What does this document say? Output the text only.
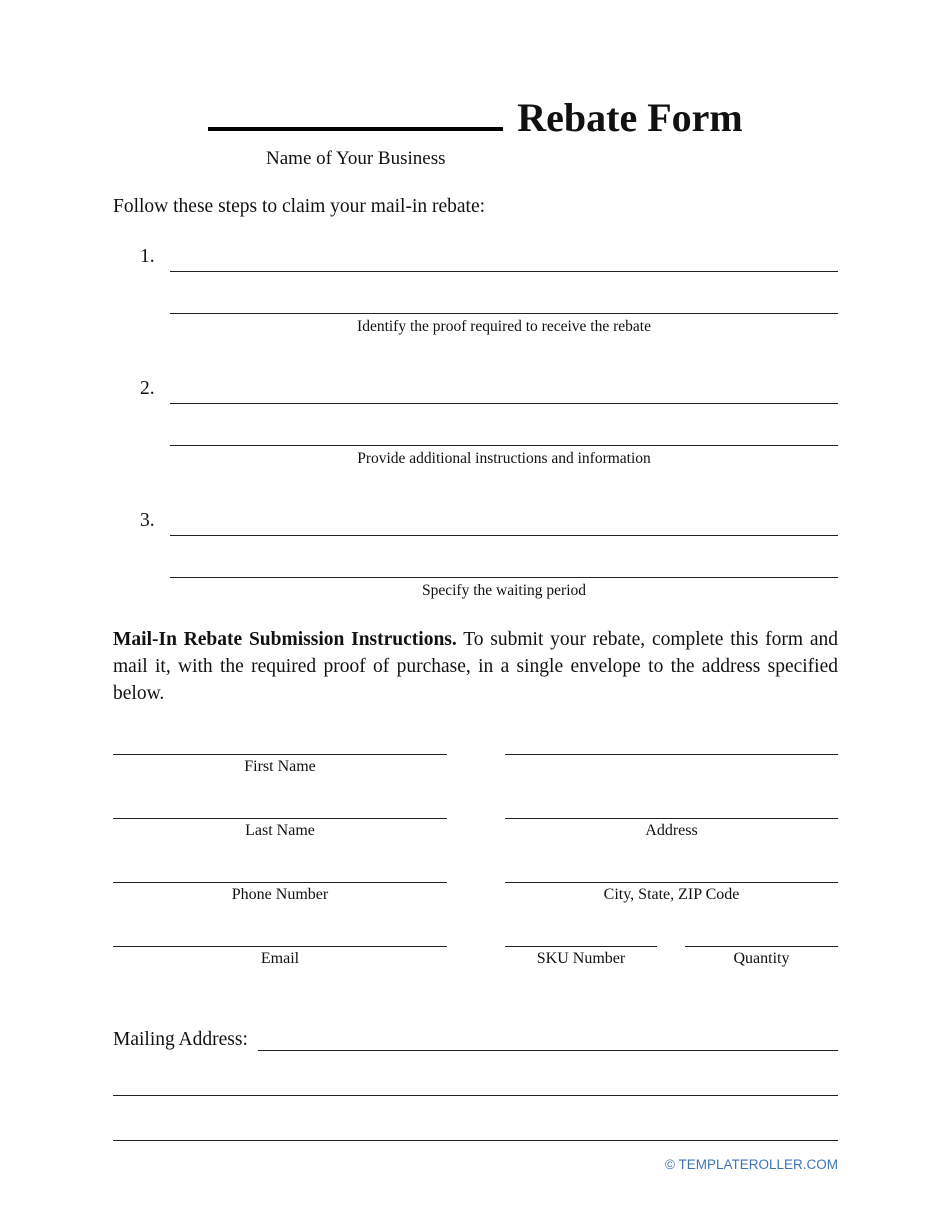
Rebate Form
Name of Your Business
Follow these steps to claim your mail-in rebate:
1.
Identify the proof required to receive the rebate
2.
Provide additional instructions and information
3.
Specify the waiting period
Mail-In Rebate Submission Instructions. To submit your rebate, complete this form and mail it, with the required proof of purchase, in a single envelope to the address specified below.
First Name
Last Name
Phone Number
Email
Address
City, State, ZIP Code
SKU Number	Quantity
Mailing Address:
© TEMPLATEROLLER.COM
